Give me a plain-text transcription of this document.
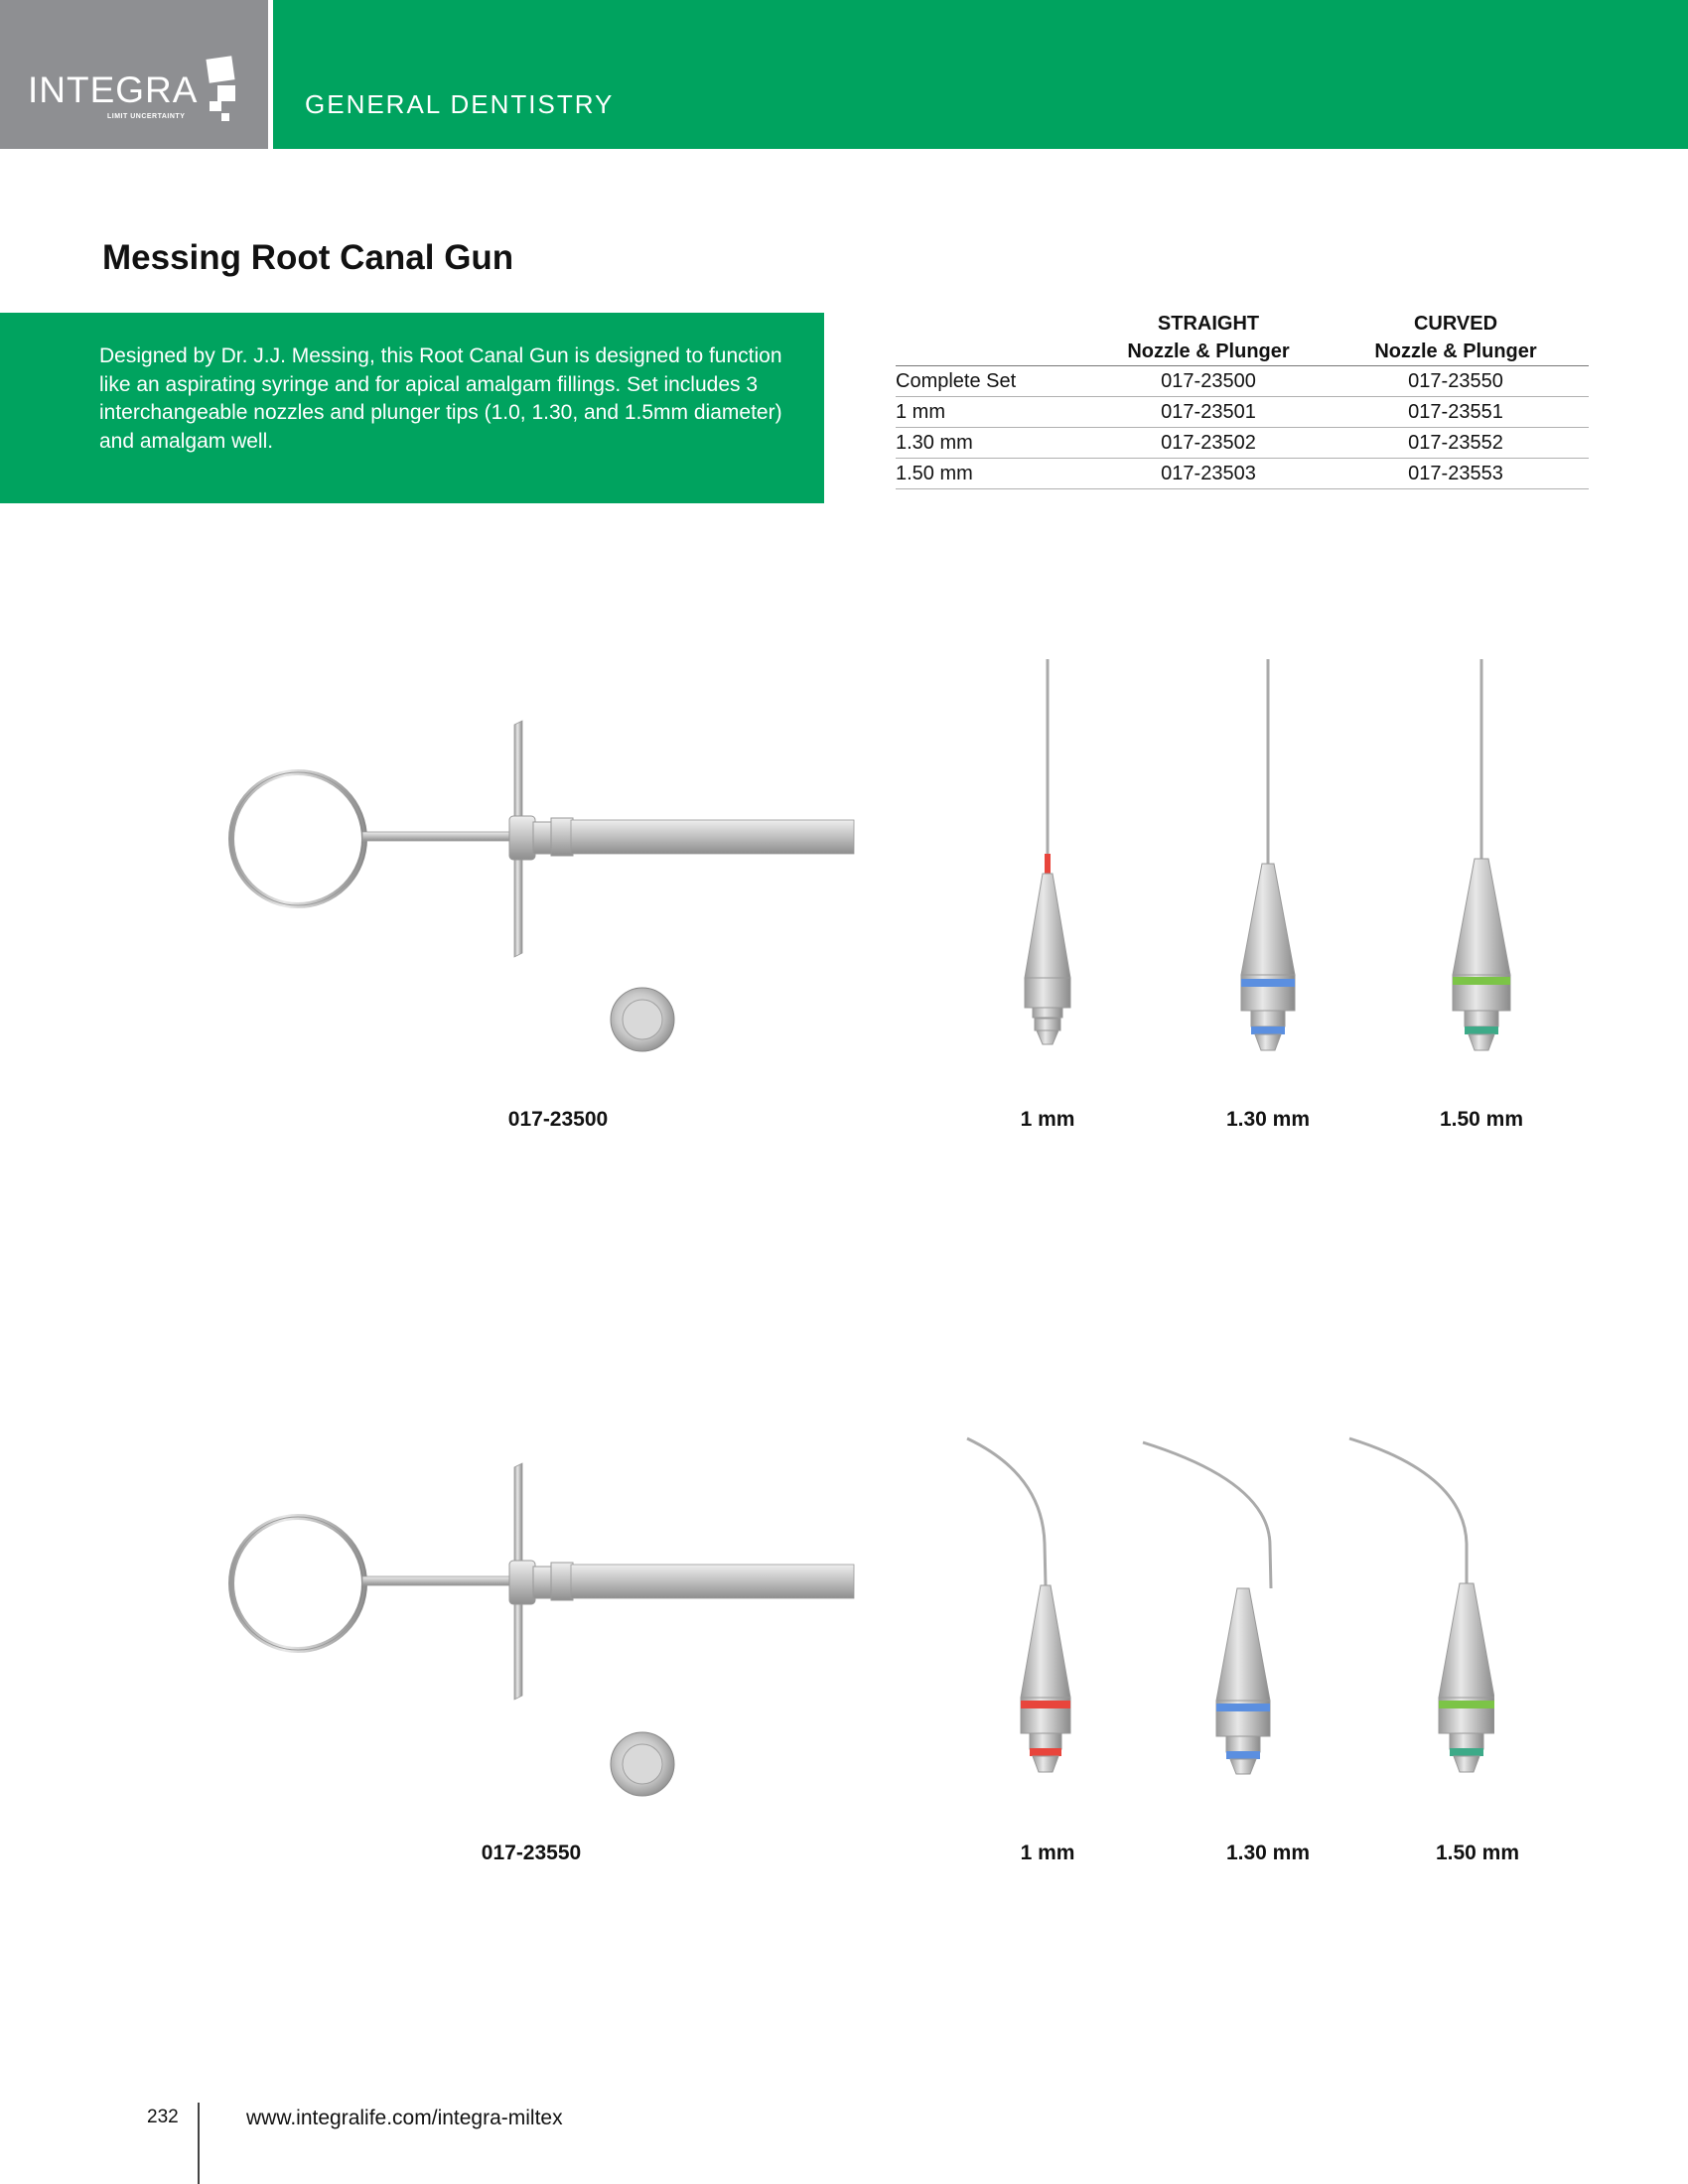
INTEGRA
LIMIT UNCERTAINTY	GENERAL DENTISTRY
Messing Root Canal Gun
Designed by Dr. J.J. Messing, this Root Canal Gun is designed to function like an aspirating syringe and for apical amalgam fillings. Set includes 3 interchangeable nozzles and plunger tips (1.0, 1.30, and 1.5mm diameter) and amalgam well.
	STRAIGHT	CURVED
	Nozzle & Plunger	Nozzle & Plunger
Complete Set	017-23500	017-23550
1 mm	017-23501	017-23551
1.30 mm	017-23502	017-23552
1.50 mm	017-23503	017-23553
017-23500	1 mm	1.30 mm	1.50 mm
017-23550	1 mm	1.30 mm	1.50 mm
232	www.integralife.com/integra-miltex
